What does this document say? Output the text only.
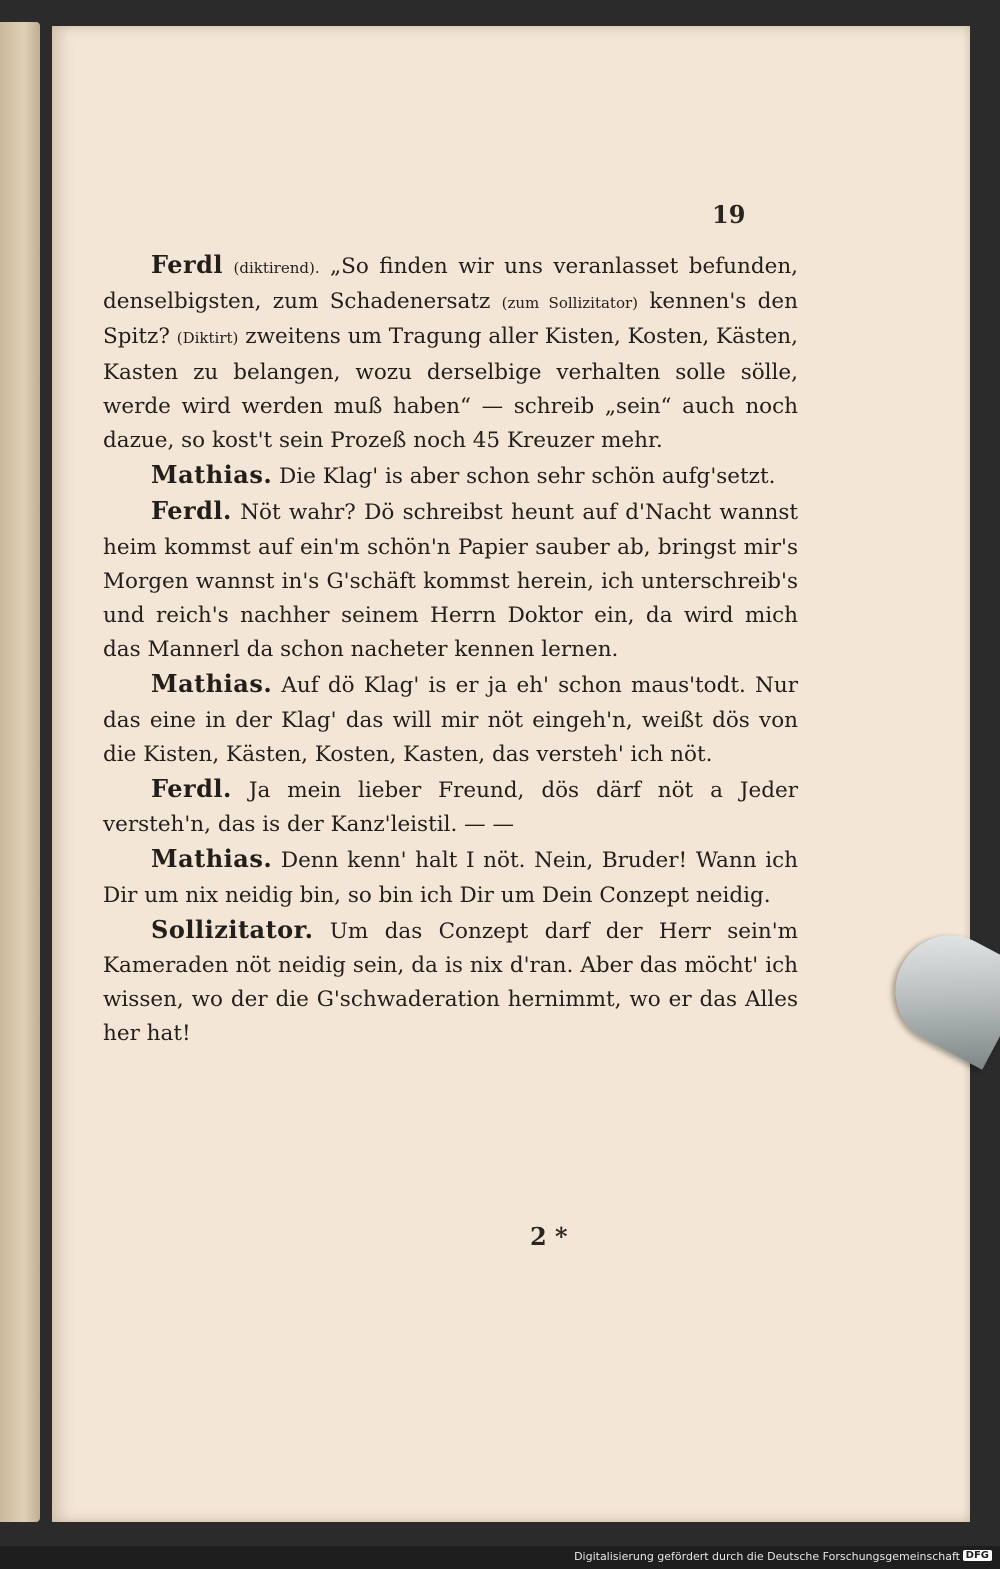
19

Ferdl (diktirend). „So finden wir uns veranlasset befunden, denselbigsten, zum Schadenersatz (zum Sollizitator) kennen's den Spitz? (Diktirt) zweitens um Tragung aller Kisten, Kosten, Kästen, Kasten zu belangen, wozu derselbige verhalten solle sölle, werde wird werden muß haben“ — schreib „sein“ auch noch dazue, so kost't sein Prozeß noch 45 Kreuzer mehr.

Mathias. Die Klag' is aber schon sehr schön aufg'setzt.

Ferdl. Nöt wahr? Dö schreibst heunt auf d'Nacht wannst heim kommst auf ein'm schön'n Papier sauber ab, bringst mir's Morgen wannst in's G'schäft kommst herein, ich unterschreib's und reich's nachher seinem Herrn Doktor ein, da wird mich das Mannerl da schon nacheter kennen lernen.

Mathias. Auf dö Klag' is er ja eh' schon maus'todt. Nur das eine in der Klag' das will mir nöt eingeh'n, weißt dös von die Kisten, Kästen, Kosten, Kasten, das versteh' ich nöt.

Ferdl. Ja mein lieber Freund, dös därf nöt a Jeder versteh'n, das is der Kanz'leistil. — —

Mathias. Denn kenn' halt I nöt. Nein, Bruder! Wann ich Dir um nix neidig bin, so bin ich Dir um Dein Conzept neidig.

Sollizitator. Um das Conzept darf der Herr sein'm Kameraden nöt neidig sein, da is nix d'ran. Aber das möcht' ich wissen, wo der die G'schwaderation hernimmt, wo er das Alles her hat!

2 *
Digitalisierung gefördert durch die Deutsche Forschungsgemeinschaft DFG
